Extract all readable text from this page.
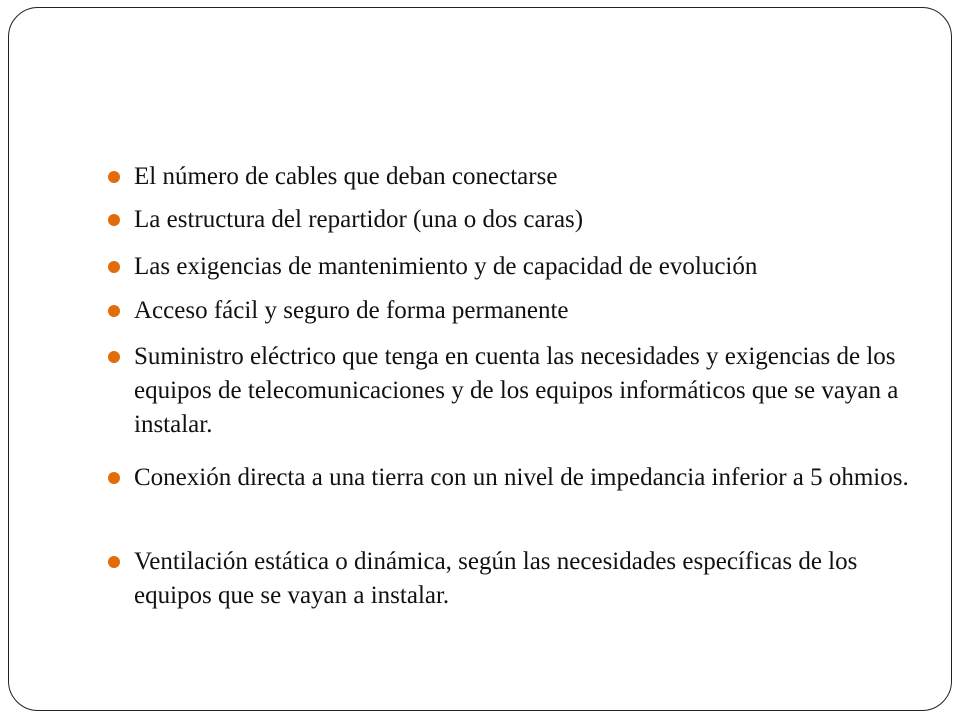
El número de cables que deban conectarse
La estructura del repartidor (una o dos caras)
Las exigencias de mantenimiento y de capacidad de evolución
Acceso fácil y seguro de forma permanente
Suministro eléctrico que tenga en cuenta las necesidades y exigencias de los equipos de telecomunicaciones y de los equipos informáticos que se vayan a instalar.
Conexión directa a una tierra con un nivel de impedancia inferior a 5 ohmios.
Ventilación estática o dinámica, según las necesidades específicas de los equipos que se vayan a instalar.
